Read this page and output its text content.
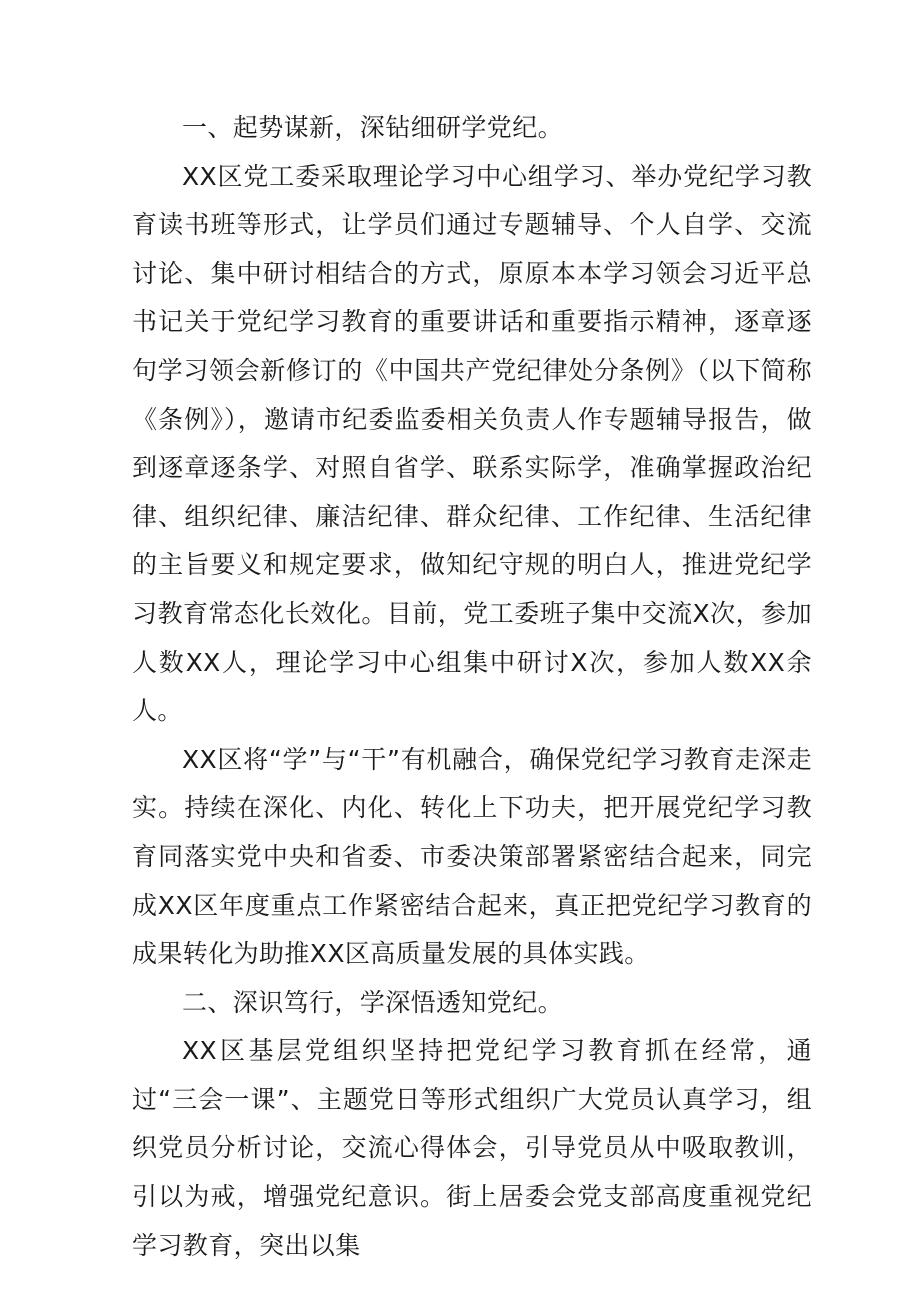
一、起势谋新，深钻细研学党纪。

XX区党工委采取理论学习中心组学习、举办党纪学习教育读书班等形式，让学员们通过专题辅导、个人自学、交流讨论、集中研讨相结合的方式，原原本本学习领会习近平总书记关于党纪学习教育的重要讲话和重要指示精神，逐章逐句学习领会新修订的《中国共产党纪律处分条例》（以下简称《条例》），邀请市纪委监委相关负责人作专题辅导报告，做到逐章逐条学、对照自省学、联系实际学，准确掌握政治纪律、组织纪律、廉洁纪律、群众纪律、工作纪律、生活纪律的主旨要义和规定要求，做知纪守规的明白人，推进党纪学习教育常态化长效化。目前，党工委班子集中交流X次，参加人数XX人，理论学习中心组集中研讨X次，参加人数XX余人。

XX区将“学”与“干”有机融合，确保党纪学习教育走深走实。持续在深化、内化、转化上下功夫，把开展党纪学习教育同落实党中央和省委、市委决策部署紧密结合起来，同完成XX区年度重点工作紧密结合起来，真正把党纪学习教育的成果转化为助推XX区高质量发展的具体实践。

二、深识笃行，学深悟透知党纪。

XX区基层党组织坚持把党纪学习教育抓在经常，通过“三会一课”、主题党日等形式组织广大党员认真学习，组织党员分析讨论，交流心得体会，引导党员从中吸取教训，引以为戒，增强党纪意识。街上居委会党支部高度重视党纪学习教育，突出以集
